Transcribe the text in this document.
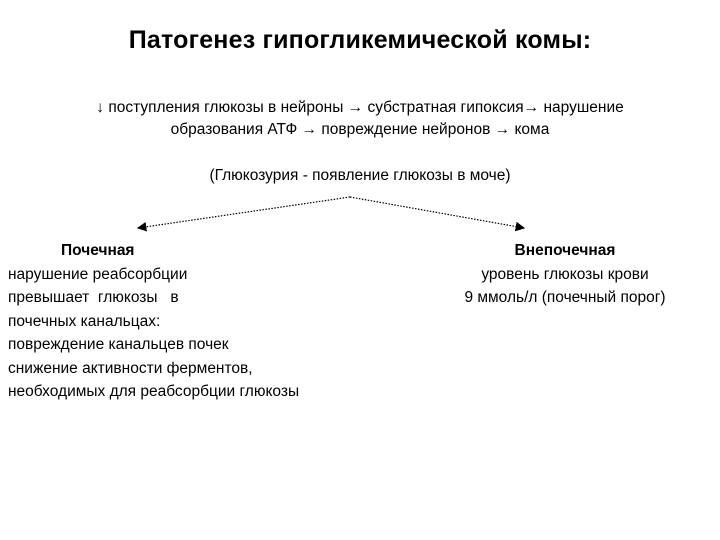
Патогенез гипогликемической комы:
↓ поступления глюкозы в нейроны → субстратная гипоксия→ нарушение
образования АТФ → повреждение нейронов → кома
(Глюкозурия - появление глюкозы в моче)
Почечная
нарушение реабсорбции
превышает  глюкозы   в
почечных канальцах:
повреждение канальцев почек
снижение активности ферментов,
необходимых для реабсорбции глюкозы
Внепочечная
уровень глюкозы крови
9 ммоль/л (почечный порог)
